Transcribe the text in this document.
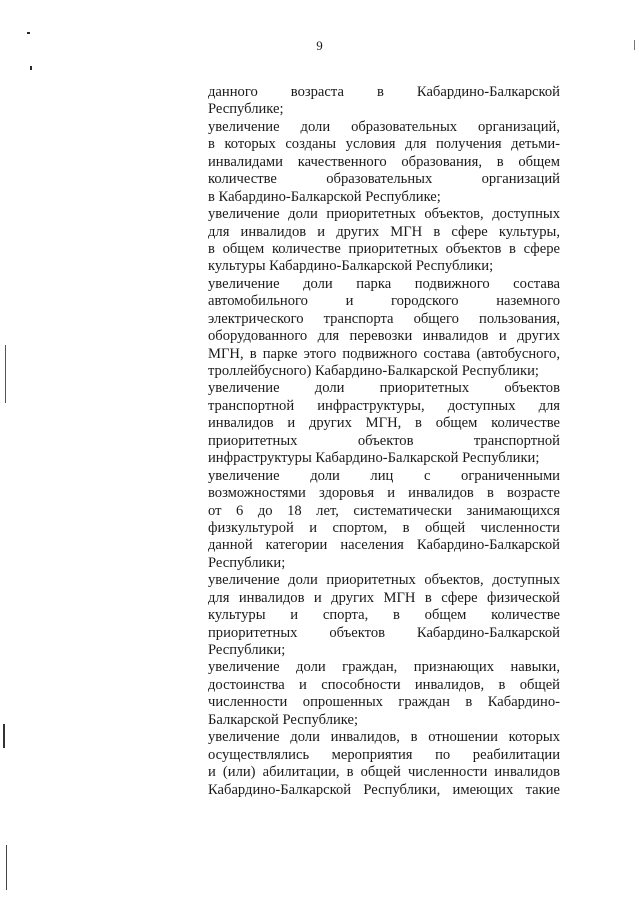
9
данного возраста в Кабардино-Балкарской
Республике;
увеличение доли образовательных организаций,
в которых созданы условия для получения детьми-
инвалидами качественного образования, в общем
количестве образовательных организаций
в Кабардино-Балкарской Республике;
увеличение доли приоритетных объектов, доступных
для инвалидов и других МГН в сфере культуры,
в общем количестве приоритетных объектов в сфере
культуры Кабардино-Балкарской Республики;
увеличение доли парка подвижного состава
автомобильного и городского наземного
электрического транспорта общего пользования,
оборудованного для перевозки инвалидов и других
МГН, в парке этого подвижного состава (автобусного,
троллейбусного) Кабардино-Балкарской Республики;
увеличение доли приоритетных объектов
транспортной инфраструктуры, доступных для
инвалидов и других МГН, в общем количестве
приоритетных объектов транспортной
инфраструктуры Кабардино-Балкарской Республики;
увеличение доли лиц с ограниченными
возможностями здоровья и инвалидов в возрасте
от 6 до 18 лет, систематически занимающихся
физкультурой и спортом, в общей численности
данной категории населения Кабардино-Балкарской
Республики;
увеличение доли приоритетных объектов, доступных
для инвалидов и других МГН в сфере физической
культуры и спорта, в общем количестве
приоритетных объектов Кабардино-Балкарской
Республики;
увеличение доли граждан, признающих навыки,
достоинства и способности инвалидов, в общей
численности опрошенных граждан в Кабардино-
Балкарской Республике;
увеличение доли инвалидов, в отношении которых
осуществлялись мероприятия по реабилитации
и (или) абилитации, в общей численности инвалидов
Кабардино-Балкарской Республики, имеющих такие
